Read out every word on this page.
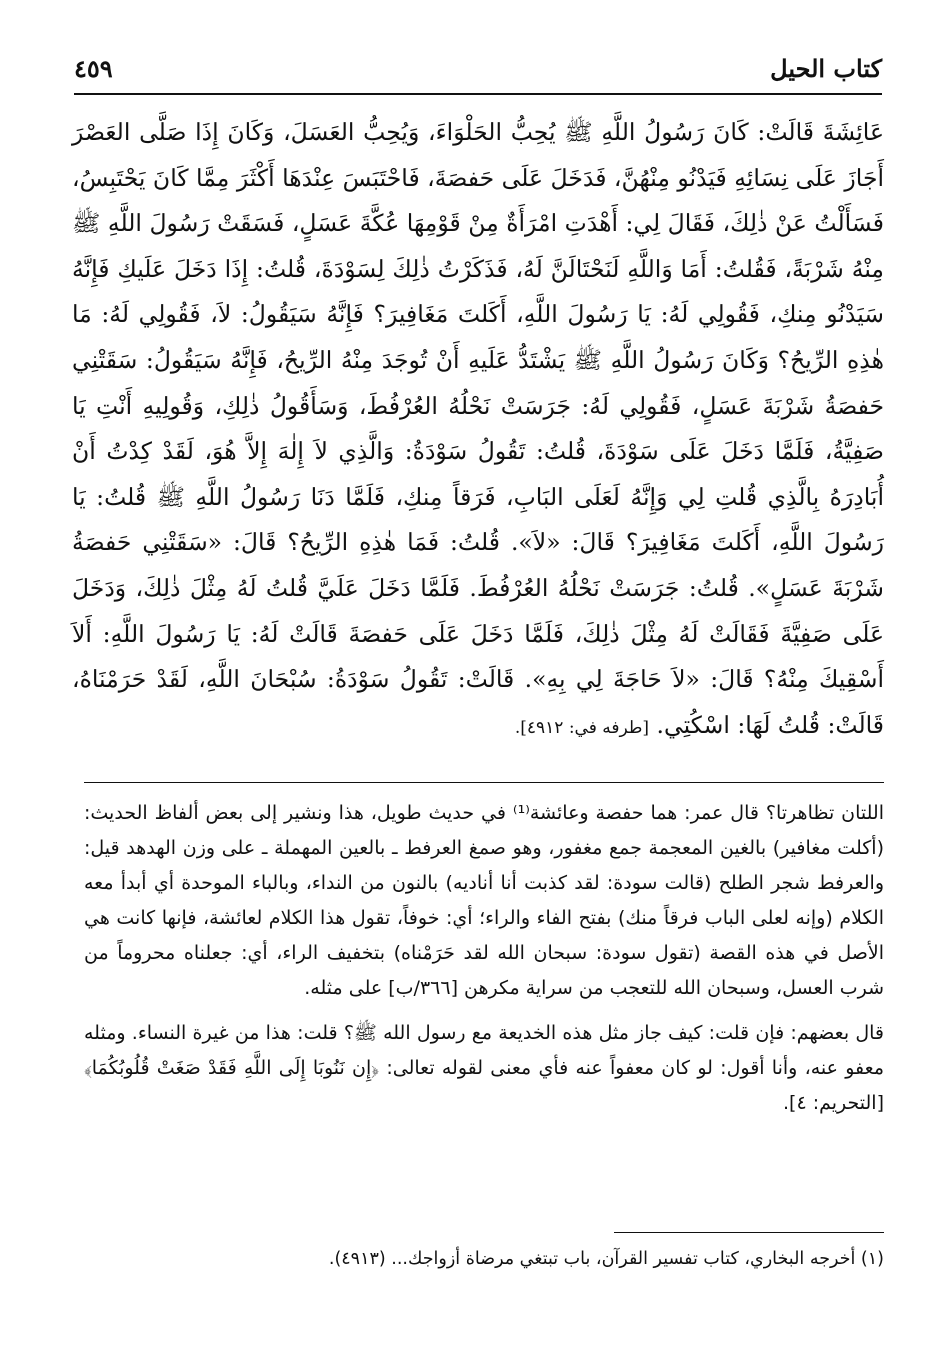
كتاب الحيل
٤٥٩

عَائِشَةَ قَالَتْ: كَانَ رَسُولُ اللَّهِ ﷺ يُحِبُّ الحَلْوَاءَ، وَيُحِبُّ العَسَلَ، وَكَانَ إِذَا صَلَّى العَصْرَ أَجَازَ عَلَى نِسَائِهِ فَيَدْنُو مِنْهُنَّ، فَدَخَلَ عَلَى حَفصَةَ، فَاحْتَبَسَ عِنْدَهَا أَكْثَرَ مِمَّا كَانَ يَحْتَبِسُ، فَسَأَلْتُ عَنْ ذٰلِكَ، فَقَالَ لِي: أَهْدَتِ امْرَأَةٌ مِنْ قَوْمِهَا عُكَّةَ عَسَلٍ، فَسَقَتْ رَسُولَ اللَّهِ ﷺ مِنْهُ شَرْبَةً، فَقُلتُ: أَمَا وَاللَّهِ لَنَحْتَالَنَّ لَهُ، فَذَكَرْتُ ذٰلِكَ لِسَوْدَةَ، قُلتُ: إِذَا دَخَلَ عَلَيكِ فَإِنَّهُ سَيَدْنُو مِنكِ، فَقُولِي لَهُ: يَا رَسُولَ اللَّهِ، أَكَلتَ مَغَافِيرَ؟ فَإِنَّهُ سَيَقُولُ: لاَ، فَقُولِي لَهُ: مَا هٰذِهِ الرِّيحُ؟ وَكَانَ رَسُولُ اللَّهِ ﷺ يَشْتَدُّ عَلَيهِ أَنْ تُوجَدَ مِنْهُ الرِّيحُ، فَإِنَّهُ سَيَقُولُ: سَقَتْنِي حَفصَةُ شَرْبَةَ عَسَلٍ، فَقُولِي لَهُ: جَرَسَتْ نَحْلُهُ العُرْفُطَ، وَسَأَقُولُ ذٰلِكِ، وَقُولِيهِ أَنْتِ يَا صَفِيَّةُ، فَلَمَّا دَخَلَ عَلَى سَوْدَةَ، قُلتُ: تَقُولُ سَوْدَةُ: وَالَّذِي لاَ إِلٰهَ إِلاَّ هُوَ، لَقَدْ كِدْتُ أَنْ أُبَادِرَهُ بِالَّذِي قُلتِ لِي وَإِنَّهُ لَعَلَى البَابِ، فَرَقاً مِنكِ، فَلَمَّا دَنَا رَسُولُ اللَّهِ ﷺ قُلتُ: يَا رَسُولَ اللَّهِ، أَكَلتَ مَغَافِيرَ؟ قَالَ: «لاَ». قُلتُ: فَمَا هٰذِهِ الرِّيحُ؟ قَالَ: «سَقَتْنِي حَفصَةُ شَرْبَةَ عَسَلٍ». قُلتُ: جَرَسَتْ نَحْلُهُ العُرْفُطَ. فَلَمَّا دَخَلَ عَلَيَّ قُلتُ لَهُ مِثْلَ ذٰلِكَ، وَدَخَلَ عَلَى صَفِيَّةَ فَقَالَتْ لَهُ مِثْلَ ذٰلِكَ، فَلَمَّا دَخَلَ عَلَى حَفصَةَ قَالَتْ لَهُ: يَا رَسُولَ اللَّهِ: أَلاَ أَسْقِيكَ مِنْهُ؟ قَالَ: «لاَ حَاجَةَ لِي بِهِ». قَالَتْ: تَقُولُ سَوْدَةُ: سُبْحَانَ اللَّهِ، لَقَدْ حَرَمْنَاهُ، قَالَتْ: قُلتُ لَهَا: اسْكُتِي. [طرفه في: ٤٩١٢].

اللتان تظاهرتا؟ قال عمر: هما حفصة وعائشة⁽¹⁾ في حديث طويل، هذا ونشير إلى بعض ألفاظ الحديث: (أكلت مغافير) بالغين المعجمة جمع مغفور، وهو صمغ العرفط ـ بالعين المهملة ـ على وزن الهدهد قيل: والعرفط شجر الطلح (قالت سودة: لقد كذبت أنا أناديه) بالنون من النداء، وبالباء الموحدة أي أبدأ معه الكلام (وإنه لعلى الباب فرقاً منك) بفتح الفاء والراء؛ أي: خوفاً، تقول هذا الكلام لعائشة، فإنها كانت هي الأصل في هذه القصة (تقول سودة: سبحان الله لقد حَرَمْناه) بتخفيف الراء، أي: جعلناه محروماً من شرب العسل، وسبحان الله للتعجب من سراية مكرهن [٣٦٦/ب] على مثله.

قال بعضهم: فإن قلت: كيف جاز مثل هذه الخديعة مع رسول الله ﷺ؟ قلت: هذا من غيرة النساء. ومثله معفو عنه، وأنا أقول: لو كان معفواً عنه فأي معنى لقوله تعالى: ﴿إِن نَنُوبَا إِلَى اللَّهِ فَقَدْ صَغَتْ قُلُوبُكُمَا﴾ [التحريم: ٤].

(١) أخرجه البخاري، كتاب تفسير القرآن، باب تبتغي مرضاة أزواجك... (٤٩١٣).
